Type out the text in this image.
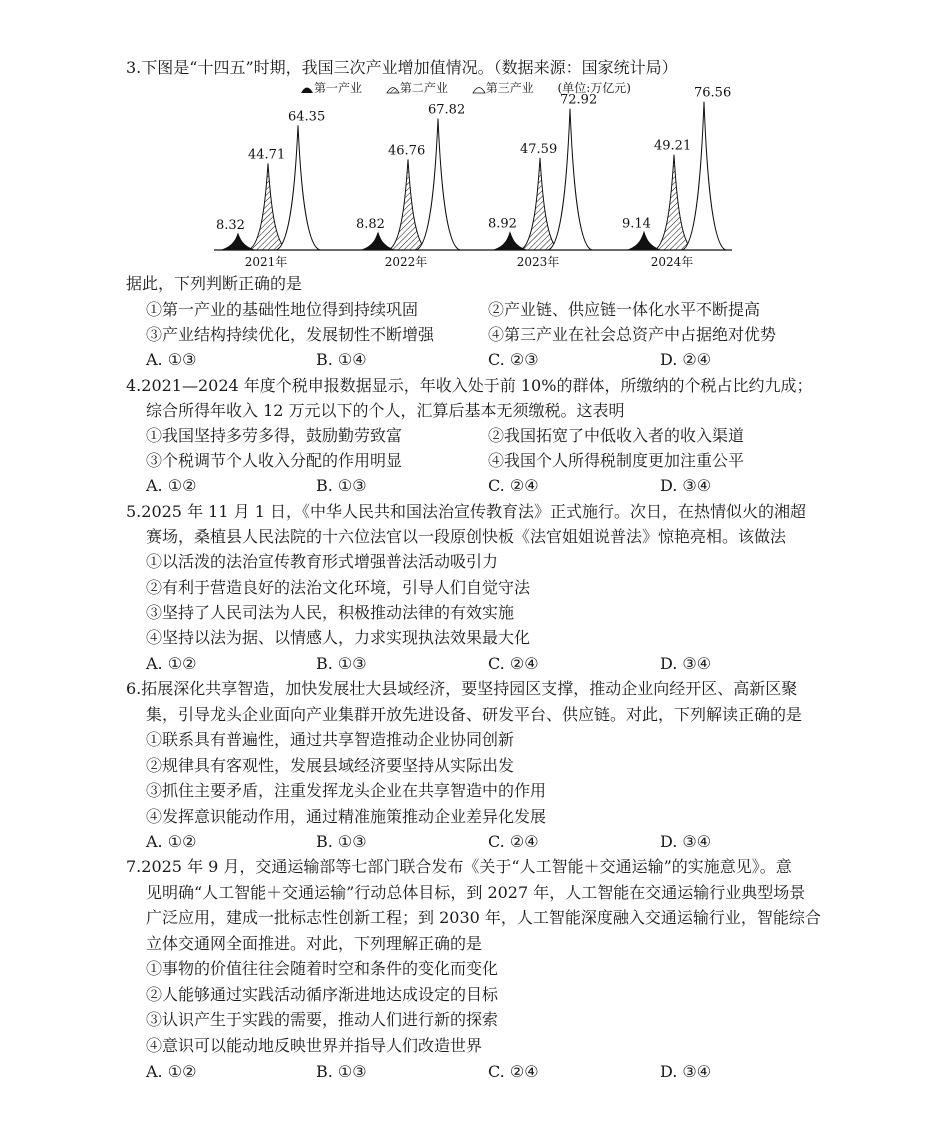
3.下图是“十四五”时期，我国三次产业增加值情况。（数据来源：国家统计局）
第一产业	第二产业	第三产业 (单位:万亿元)
8.32
44.71
64.35
8.82
46.76
67.82
8.92
47.59
72.92
9.14
49.21
76.56
2021年	2022年	2023年	2024年
据此，下列判断正确的是
①第一产业的基础性地位得到持续巩固	②产业链、供应链一体化水平不断提高
③产业结构持续优化，发展韧性不断增强	④第三产业在社会总资产中占据绝对优势
A. ①③	B. ①④	C. ②③	D. ②④
4.2021—2024 年度个税申报数据显示，年收入处于前 10%的群体，所缴纳的个税占比约九成；
综合所得年收入 12 万元以下的个人，汇算后基本无须缴税。这表明
①我国坚持多劳多得，鼓励勤劳致富	②我国拓宽了中低收入者的收入渠道
③个税调节个人收入分配的作用明显	④我国个人所得税制度更加注重公平
A. ①②	B. ①③	C. ②④	D. ③④
5.2025 年 11 月 1 日，《中华人民共和国法治宣传教育法》正式施行。次日，在热情似火的湘超
赛场，桑植县人民法院的十六位法官以一段原创快板《法官姐姐说普法》惊艳亮相。该做法
①以活泼的法治宣传教育形式增强普法活动吸引力
②有利于营造良好的法治文化环境，引导人们自觉守法
③坚持了人民司法为人民，积极推动法律的有效实施
④坚持以法为据、以情感人，力求实现执法效果最大化
A. ①②	B. ①③	C. ②④	D. ③④
6.拓展深化共享智造，加快发展壮大县域经济，要坚持园区支撑，推动企业向经开区、高新区聚
集，引导龙头企业面向产业集群开放先进设备、研发平台、供应链。对此，下列解读正确的是
①联系具有普遍性，通过共享智造推动企业协同创新
②规律具有客观性，发展县域经济要坚持从实际出发
③抓住主要矛盾，注重发挥龙头企业在共享智造中的作用
④发挥意识能动作用，通过精准施策推动企业差异化发展
A. ①②	B. ①③	C. ②④	D. ③④
7.2025 年 9 月，交通运输部等七部门联合发布《关于“人工智能＋交通运输”的实施意见》。意
见明确“人工智能＋交通运输”行动总体目标，到 2027 年，人工智能在交通运输行业典型场景
广泛应用，建成一批标志性创新工程；到 2030 年，人工智能深度融入交通运输行业，智能综合
立体交通网全面推进。对此，下列理解正确的是
①事物的价值往往会随着时空和条件的变化而变化
②人能够通过实践活动循序渐进地达成设定的目标
③认识产生于实践的需要，推动人们进行新的探索
④意识可以能动地反映世界并指导人们改造世界
A. ①②	B. ①③	C. ②④	D. ③④
